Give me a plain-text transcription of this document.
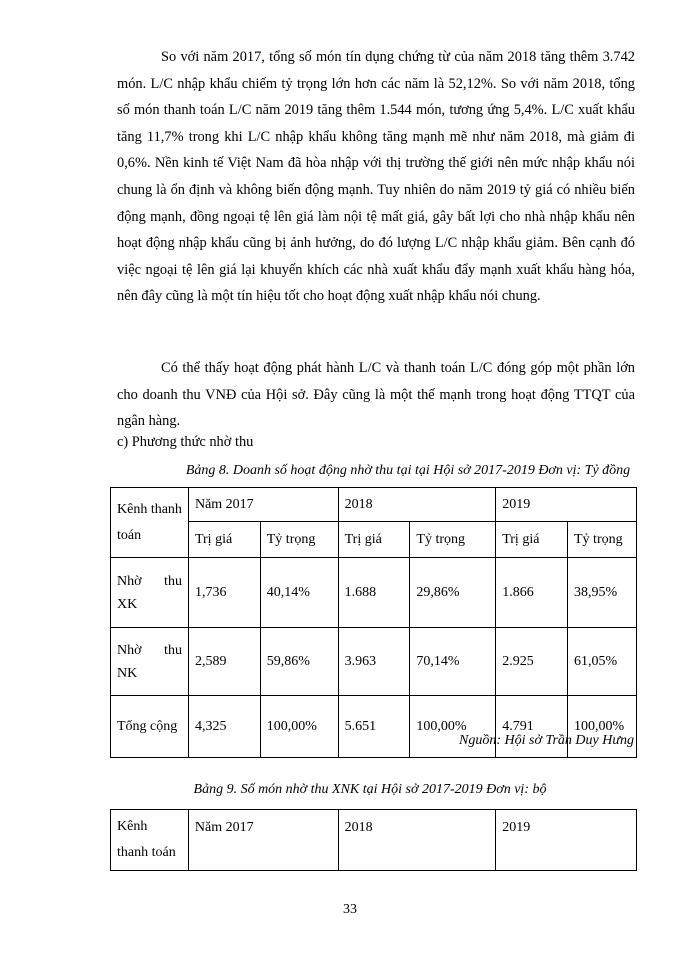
So với năm 2017, tổng số món tín dụng chứng từ của năm 2018 tăng thêm 3.742 món. L/C nhập khẩu chiếm tỷ trọng lớn hơn các năm là 52,12%. So với năm 2018, tổng số món thanh toán L/C năm 2019 tăng thêm 1.544 món, tương ứng 5,4%. L/C xuất khẩu tăng 11,7% trong khi L/C nhập khẩu không tăng mạnh mẽ như năm 2018, mà giảm đi 0,6%. Nền kinh tế Việt Nam đã hòa nhập với thị trường thế giới nên mức nhập khẩu nói chung là ổn định và không biến động mạnh. Tuy nhiên do năm 2019 tỷ giá có nhiều biến động mạnh, đồng ngoại tệ lên giá làm nội tệ mất giá, gây bất lợi cho nhà nhập khẩu nên hoạt động nhập khẩu cũng bị ảnh hưởng, do đó lượng L/C nhập khẩu giảm. Bên cạnh đó việc ngoại tệ lên giá lại khuyến khích các nhà xuất khẩu đẩy mạnh xuất khẩu hàng hóa, nên đây cũng là một tín hiệu tốt cho hoạt động xuất nhập khẩu nói chung.

Có thể thấy hoạt động phát hành L/C và thanh toán L/C đóng góp một phần lớn cho doanh thu VNĐ của Hội sở. Đây cũng là một thế mạnh trong hoạt động TTQT của ngân hàng.

c) Phương thức nhờ thu
Bảng 8. Doanh số hoạt động nhờ thu tại tại Hội sở 2017-2019 Đơn vị: Tỷ đồng
Kênh thanh toán	Năm 2017		2018		2019	
	Trị giá	Tỷ trọng	Trị giá	Tỷ trọng	Trị giá	Tỷ trọng
Nhờ thu XK	1,736	40,14%	1.688	29,86%	1.866	38,95%
Nhờ thu NK	2,589	59,86%	3.963	70,14%	2.925	61,05%
Tổng cộng	4,325	100,00%	5.651	100,00%	4.791	100,00%
Nguồn: Hội sở Trần Duy Hưng
Bảng 9. Số món nhờ thu XNK tại Hội sở 2017-2019 Đơn vị: bộ
Kênh thanh toán	Năm 2017	2018	2019
33
